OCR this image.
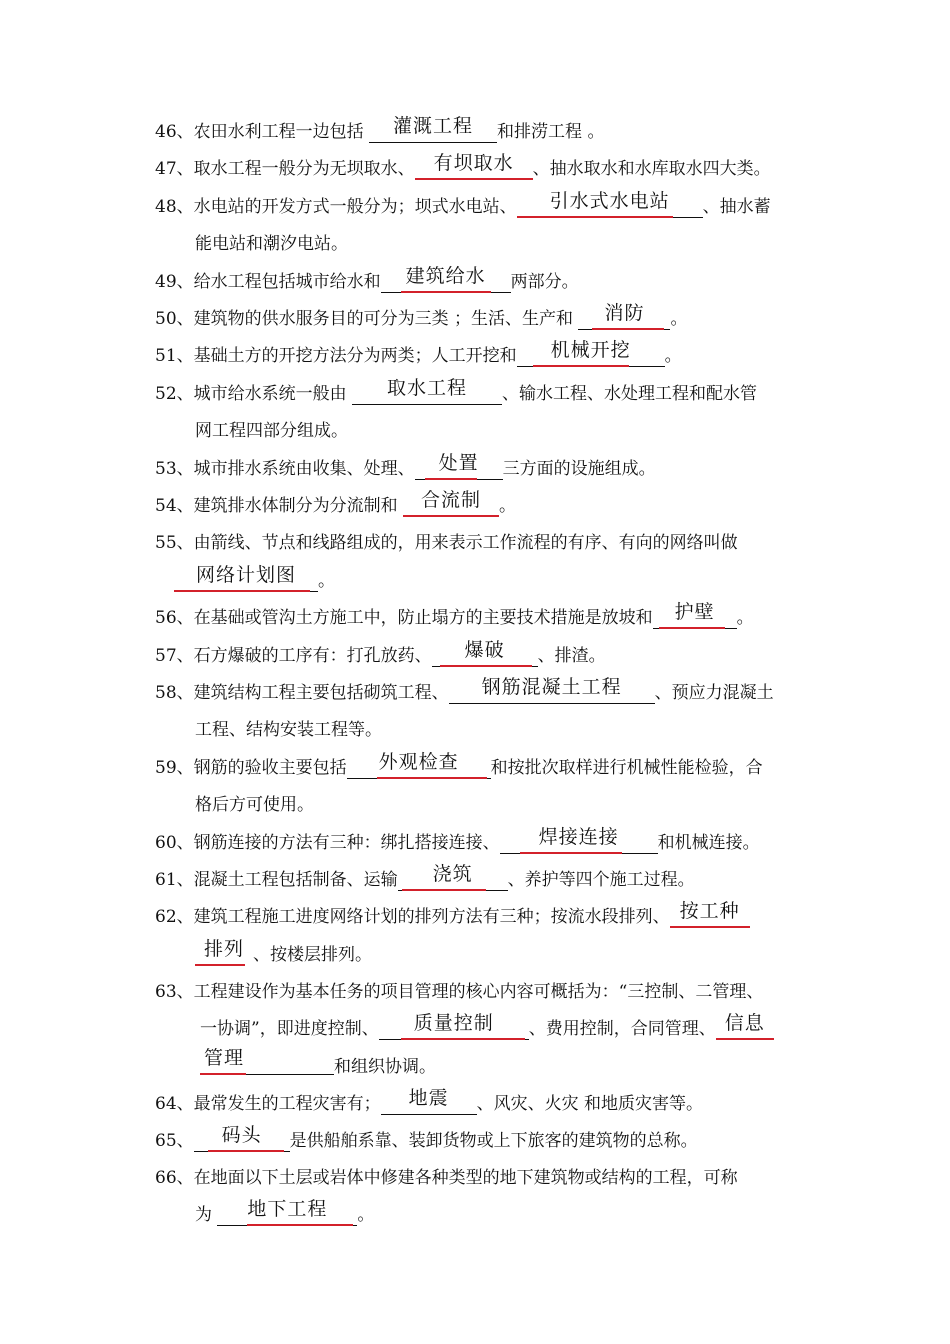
46、农田水利工程一边包括 灌溉工程 和排涝工程 。
47、取水工程一般分为无坝取水、 有坝取水 、抽水取水和水库取水四大类。
48、水电站的开发方式一般分为；坝式水电站、 引水式水电站 、抽水蓄
能电站和潮汐电站。
49、给水工程包括城市给水和 建筑给水 两部分。
50、建筑物的供水服务目的可分为三类 ；生活、生产和 消防 。
51、基础土方的开挖方法分为两类；人工开挖和 机械开挖 。
52、城市给水系统一般由 取水工程 、输水工程、水处理工程和配水管
网工程四部分组成。
53、城市排水系统由收集、处理、 处置 三方面的设施组成。
54、建筑排水体制分为分流制和 合流制 。
55、由箭线、节点和线路组成的，用来表示工作流程的有序、有向的网络叫做
网络计划图 。
56、在基础或管沟土方施工中，防止塌方的主要技术措施是放坡和 护壁 。
57、石方爆破的工序有：打孔放药、 爆破 、排渣。
58、建筑结构工程主要包括砌筑工程、 钢筋混凝土工程 、预应力混凝土
工程、结构安装工程等。
59、钢筋的验收主要包括 外观检查 和按批次取样进行机械性能检验，合
格后方可使用。
60、钢筋连接的方法有三种：绑扎搭接连接、 焊接连接 和机械连接。
61、混凝土工程包括制备、运输 浇筑 、养护等四个施工过程。
62、建筑工程施工进度网络计划的排列方法有三种；按流水段排列、 按工种
排列 、按楼层排列。
63、工程建设作为基本任务的项目管理的核心内容可概括为：“三控制、二管理、
一协调”，即进度控制、 质量控制 、费用控制，合同管理、 信息
管理	和组织协调。
64、最常发生的工程灾害有； 地震 、风灾、火灾 和地质灾害等。
65、 码头 是供船舶系靠、装卸货物或上下旅客的建筑物的总称。
66、在地面以下土层或岩体中修建各种类型的地下建筑物或结构的工程，可称
为 地下工程 。
